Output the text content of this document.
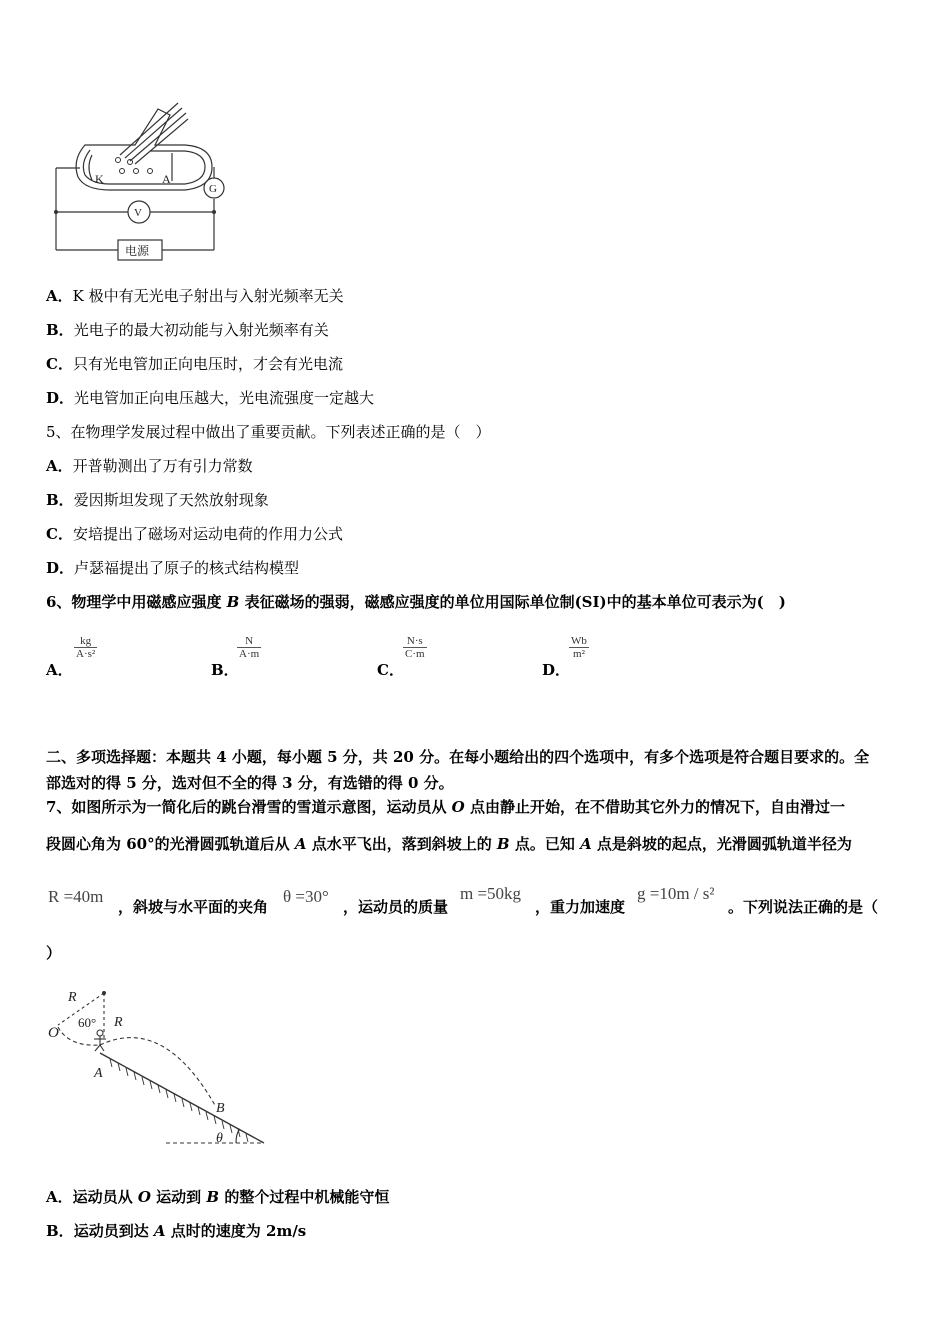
K	A
G
V
电源
A．K 极中有无光电子射出与入射光频率无关
B．光电子的最大初动能与入射光频率有关
C．只有光电管加正向电压时，才会有光电流
D．光电管加正向电压越大，光电流强度一定越大
5、在物理学发展过程中做出了重要贡献。下列表述正确的是（　）
A．开普勒测出了万有引力常数
B．爱因斯坦发现了天然放射现象
C．安培提出了磁场对运动电荷的作用力公式
D．卢瑟福提出了原子的核式结构模型
6、物理学中用磁感应强度 B 表征磁场的强弱，磁感应强度的单位用国际单位制(SI)中的基本单位可表示为(　)
A．
$\frac{kg}{\text{A·s²}}$
B．
$\frac{N}{A\cdot m}$
C．
$\frac{N\cdot s}{C\cdot m}$
D．
$\frac{Wb}{\text{m²}}$
二、多项选择题：本题共 4 小题，每小题 5 分，共 20 分。在每小题给出的四个选项中，有多个选项是符合题目要求的。全
部选对的得 5 分，选对但不全的得 3 分，有选错的得 0 分。
7、如图所示为一简化后的跳台滑雪的雪道示意图，运动员从 O 点由静止开始，在不借助其它外力的情况下，自由滑过一
段圆心角为 60°的光滑圆弧轨道后从 A 点水平飞出，落到斜坡上的 B 点。已知 A 点是斜坡的起点，光滑圆弧轨道半径为
R =40m
，斜坡与水平面的夹角
θ =30°
，运动员的质量
m =50kg
，重力加速度
g =10m / s²
。下列说法正确的是（
）
R
R
60°
O
A
B
θ
A．运动员从 O 运动到 B 的整个过程中机械能守恒
B．运动员到达 A 点时的速度为 2m/s
